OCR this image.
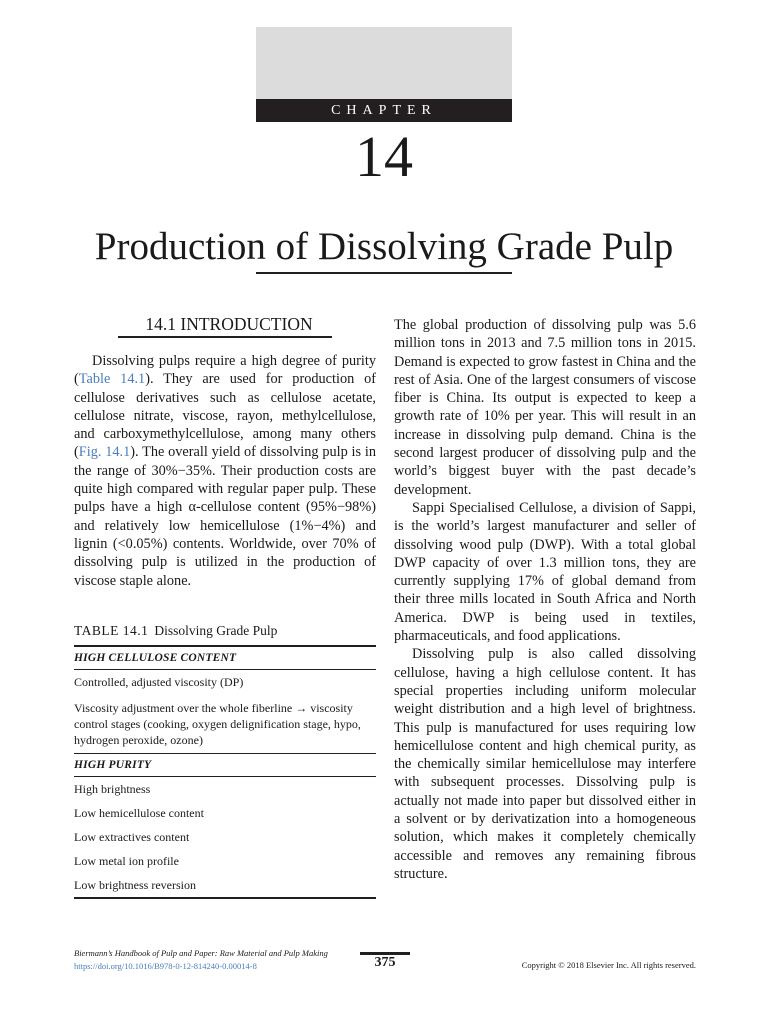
CHAPTER
14
Production of Dissolving Grade Pulp
14.1 INTRODUCTION

Dissolving pulps require a high degree of purity (Table 14.1). They are used for production of cellulose derivatives such as cellulose acetate, cellulose nitrate, viscose, rayon, methylcellulose, and carboxymethylcellulose, among many others (Fig. 14.1). The overall yield of dissolving pulp is in the range of 30%−35%. Their production costs are quite high compared with regular paper pulp. These pulps have a high α-cellulose content (95%−98%) and relatively low hemicellulose (1%−4%) and lignin (<0.05%) contents. Worldwide, over 70% of dissolving pulp is utilized in the production of viscose staple alone.

The global production of dissolving pulp was 5.6 million tons in 2013 and 7.5 million tons in 2015. Demand is expected to grow fastest in China and the rest of Asia. One of the largest consumers of viscose fiber is China. Its output is expected to keep a growth rate of 10% per year. This will result in an increase in dissolving pulp demand. China is the second largest producer of dissolving pulp and the world’s biggest buyer with the past decade’s development.

Sappi Specialised Cellulose, a division of Sappi, is the world’s largest manufacturer and seller of dissolving wood pulp (DWP). With a total global DWP capacity of over 1.3 million tons, they are currently supplying 17% of global demand from their three mills located in South Africa and North America. DWP is being used in textiles, pharmaceuticals, and food applications.

Dissolving pulp is also called dissolving cellulose, having a high cellulose content. It has special properties including uniform molecular weight distribution and a high level of brightness. This pulp is manufactured for uses requiring low hemicellulose content and high chemical purity, as the chemically similar hemicellulose may interfere with subsequent processes. Dissolving pulp is actually not made into paper but dissolved either in a solvent or by derivatization into a homogeneous solution, which makes it completely chemically accessible and removes any remaining fibrous structure.

TABLE 14.1 Dissolving Grade Pulp
HIGH CELLULOSE CONTENT
Controlled, adjusted viscosity (DP)
Viscosity adjustment over the whole fiberline → viscosity control stages (cooking, oxygen delignification stage, hypo, hydrogen peroxide, ozone)
HIGH PURITY
High brightness
Low hemicellulose content
Low extractives content
Low metal ion profile
Low brightness reversion
Biermann’s Handbook of Pulp and Paper: Raw Material and Pulp Making
https://doi.org/10.1016/B978-0-12-814240-0.00014-8	375	Copyright © 2018 Elsevier Inc. All rights reserved.
